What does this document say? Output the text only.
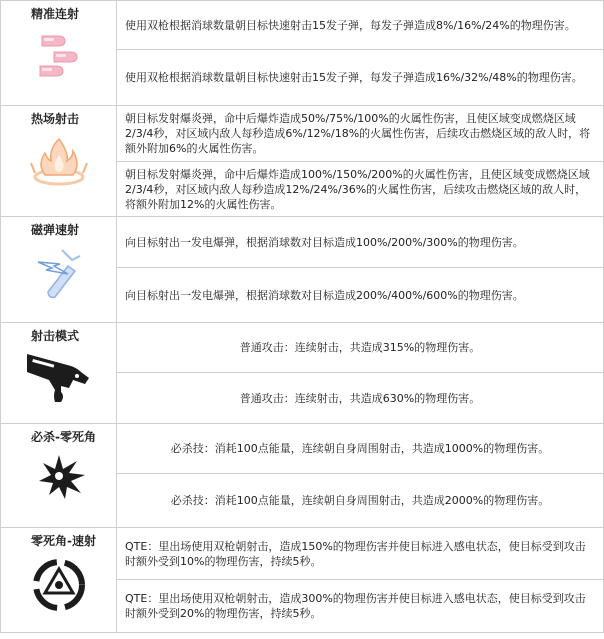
精准连射	使用双枪根据消球数量朝目标快速射击15发子弹，每发子弹造成8%/16%/24%的物理伤害。
	使用双枪根据消球数量朝目标快速射击15发子弹，每发子弹造成16%/32%/48%的物理伤害。

热场射击	朝目标发射爆炎弹，命中后爆炸造成50%/75%/100%的火属性伤害，且使区域变成燃烧区域2/3/4秒，对区域内敌人每秒造成6%/12%/18%的火属性伤害，后续攻击燃烧区域的敌人时，将额外附加6%的火属性伤害。
	朝目标发射爆炎弹，命中后爆炸造成100%/150%/200%的火属性伤害，且使区域变成燃烧区域2/3/4秒，对区域内敌人每秒造成12%/24%/36%的火属性伤害，后续攻击燃烧区域的敌人时，将额外附加12%的火属性伤害。

磁弹速射	向目标射出一发电爆弹，根据消球数对目标造成100%/200%/300%的物理伤害。
	向目标射出一发电爆弹，根据消球数对目标造成200%/400%/600%的物理伤害。

射击模式	普通攻击：连续射击，共造成315%的物理伤害。
	普通攻击：连续射击，共造成630%的物理伤害。

必杀-零死角	必杀技：消耗100点能量，连续朝自身周围射击，共造成1000%的物理伤害。
	必杀技：消耗100点能量，连续朝自身周围射击，共造成2000%的物理伤害。

零死角-速射	QTE：里出场使用双枪朝射击，造成150%的物理伤害并使目标进入感电状态，使目标受到攻击时额外受到10%的物理伤害，持续5秒。
	QTE：里出场使用双枪朝射击，造成300%的物理伤害并使目标进入感电状态，使目标受到攻击时额外受到20%的物理伤害，持续5秒。
